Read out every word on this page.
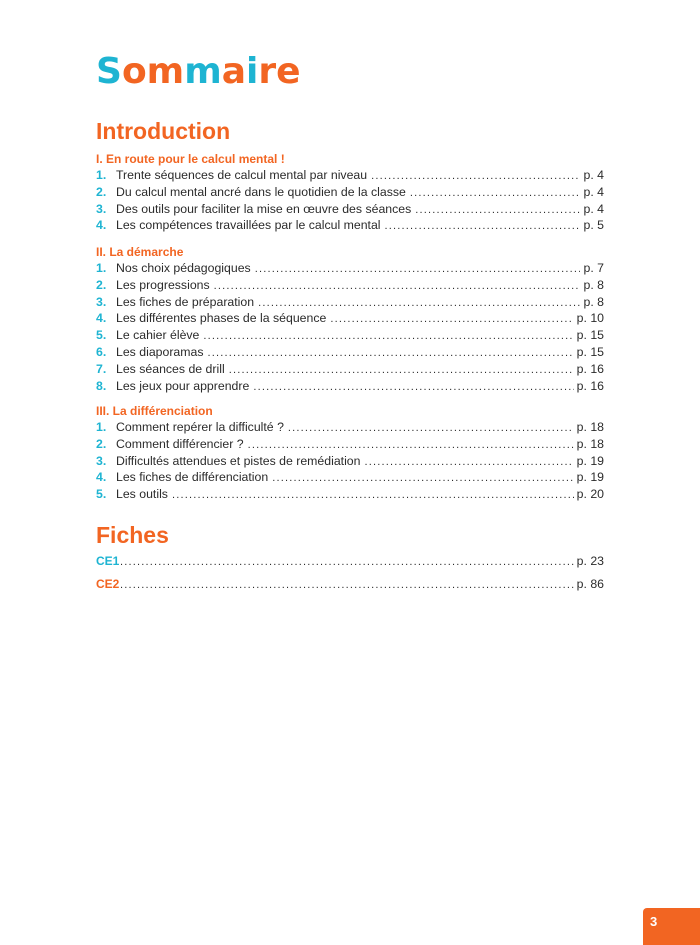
Sommaire
Introduction
I. En route pour le calcul mental !
1. Trente séquences de calcul mental par niveau .....	p. 4
2. Du calcul mental ancré dans le quotidien de la classe .....	p. 4
3. Des outils pour faciliter la mise en œuvre des séances .....	p. 4
4. Les compétences travaillées par le calcul mental .....	p. 5
II. La démarche
1. Nos choix pédagogiques .....	p. 7
2. Les progressions .....	p. 8
3. Les fiches de préparation .....	p. 8
4. Les différentes phases de la séquence .....	p. 10
5. Le cahier élève .....	p. 15
6. Les diaporamas .....	p. 15
7. Les séances de drill .....	p. 16
8. Les jeux pour apprendre .....	p. 16
III. La différenciation
1. Comment repérer la difficulté ? .....	p. 18
2. Comment différencier ? .....	p. 18
3. Difficultés attendues et pistes de remédiation .....	p. 19
4. Les fiches de différenciation .....	p. 19
5. Les outils .....	p. 20
Fiches
CE1 .....	p. 23
CE2 .....	p. 86
3
